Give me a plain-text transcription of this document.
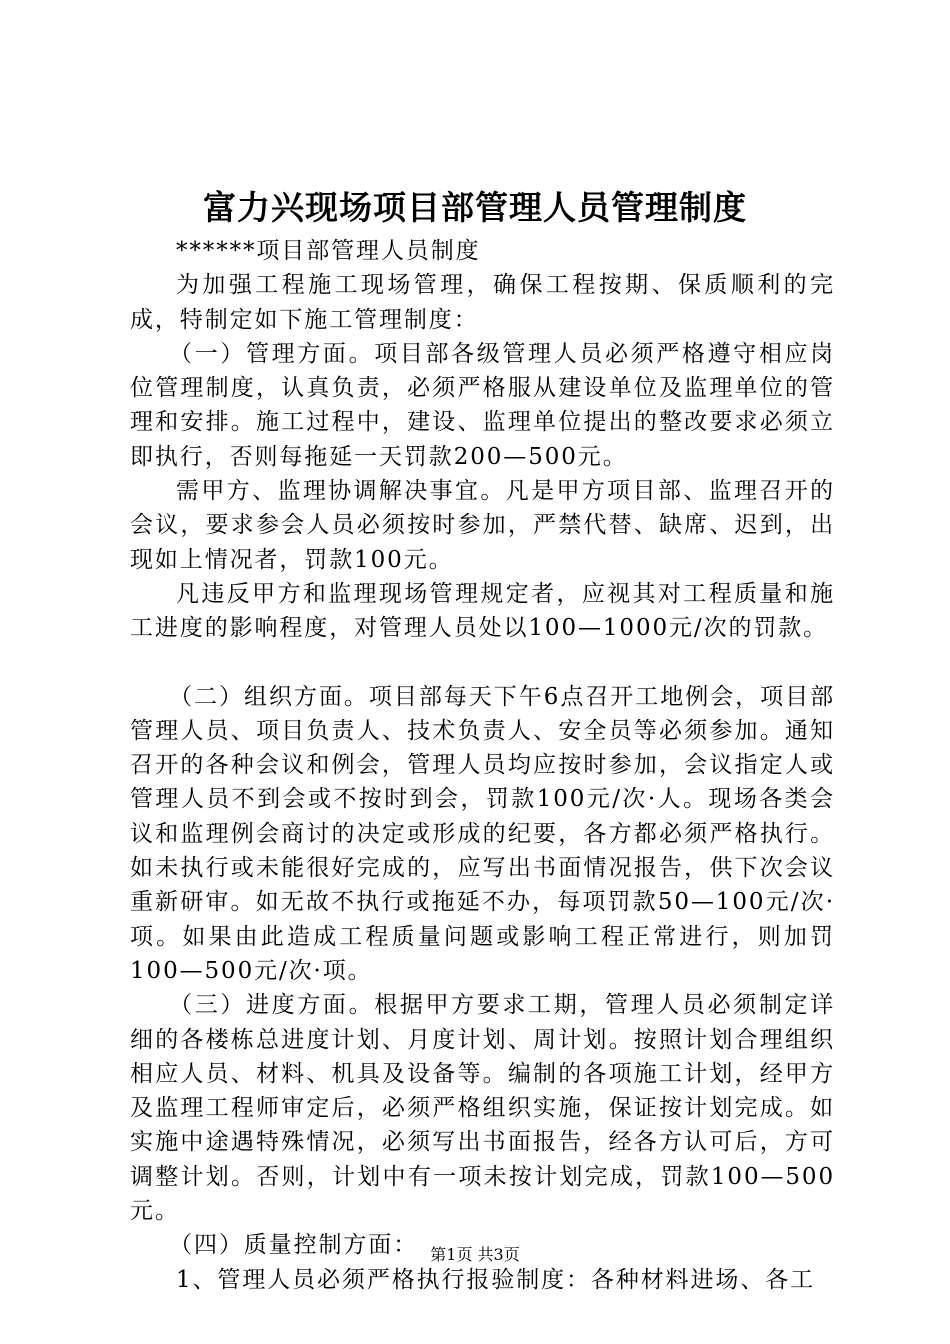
富力兴现场项目部管理人员管理制度

******项目部管理人员制度

为加强工程施工现场管理，确保工程按期、保质顺利的完成，特制定如下施工管理制度：

（一）管理方面。项目部各级管理人员必须严格遵守相应岗位管理制度，认真负责，必须严格服从建设单位及监理单位的管理和安排。施工过程中，建设、监理单位提出的整改要求必须立即执行，否则每拖延一天罚款200—500元。

需甲方、监理协调解决事宜。凡是甲方项目部、监理召开的会议，要求参会人员必须按时参加，严禁代替、缺席、迟到，出现如上情况者，罚款100元。

凡违反甲方和监理现场管理规定者，应视其对工程质量和施工进度的影响程度，对管理人员处以100—1000元/次的罚款。

（二）组织方面。项目部每天下午6点召开工地例会，项目部管理人员、项目负责人、技术负责人、安全员等必须参加。通知召开的各种会议和例会，管理人员均应按时参加，会议指定人或管理人员不到会或不按时到会，罚款100元/次·人。现场各类会议和监理例会商讨的决定或形成的纪要，各方都必须严格执行。如未执行或未能很好完成的，应写出书面情况报告，供下次会议重新研审。如无故不执行或拖延不办，每项罚款50—100元/次·项。如果由此造成工程质量问题或影响工程正常进行，则加罚100—500元/次·项。

（三）进度方面。根据甲方要求工期，管理人员必须制定详细的各楼栋总进度计划、月度计划、周计划。按照计划合理组织相应人员、材料、机具及设备等。编制的各项施工计划，经甲方及监理工程师审定后，必须严格组织实施，保证按计划完成。如实施中途遇特殊情况，必须写出书面报告，经各方认可后，方可调整计划。否则，计划中有一项未按计划完成，罚款100—500元。

（四）质量控制方面：

1、管理人员必须严格执行报验制度：各种材料进场、各工

第1页 共3页
